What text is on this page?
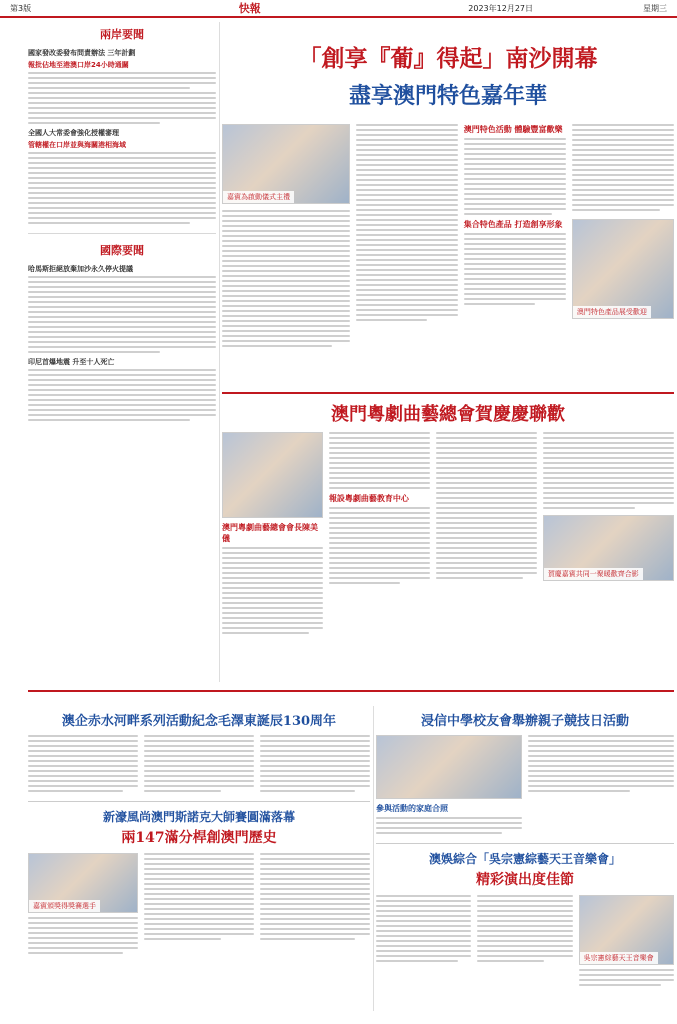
第3版	快報	2023年12月27日	星期三
兩岸要聞
國家發改委發布問責辦法 三年計劃
報批佔地至港澳口岸24小時通關
全國人大常委會強化授權審理
管轄權在口岸並與海關港相海域
國際要聞
哈馬斯拒絕放棄加沙永久停火提議
印尼首爆地震 升至十人死亡
「創享『葡』得起」南沙開幕
盡享澳門特色嘉年華
嘉賓為啟動儀式主禮
澳門特色活動 體驗豐富歡樂
集合特色產品 打造創享形象
澳門特色產品展受歡迎
澳門粵劇曲藝總會賀慶慶聯歡
澳門粵劇曲藝總會會長陳美儀
報設粵劇曲藝教育中心
賀慶嘉賓共同一聚暖歡齊合影
澳企赤水河畔系列活動紀念毛澤東誕辰130周年
新濠風尚澳門斯諾克大師賽圓滿落幕
兩147滿分桿創澳門歷史
嘉賓頒獎得獎賽選手
浸信中學校友會舉辦親子競技日活動
參與活動的家庭合照
澳娛綜合「吳宗憲綜藝天王音樂會」
精彩演出度佳節
吳宗憲綜藝天王音樂會
